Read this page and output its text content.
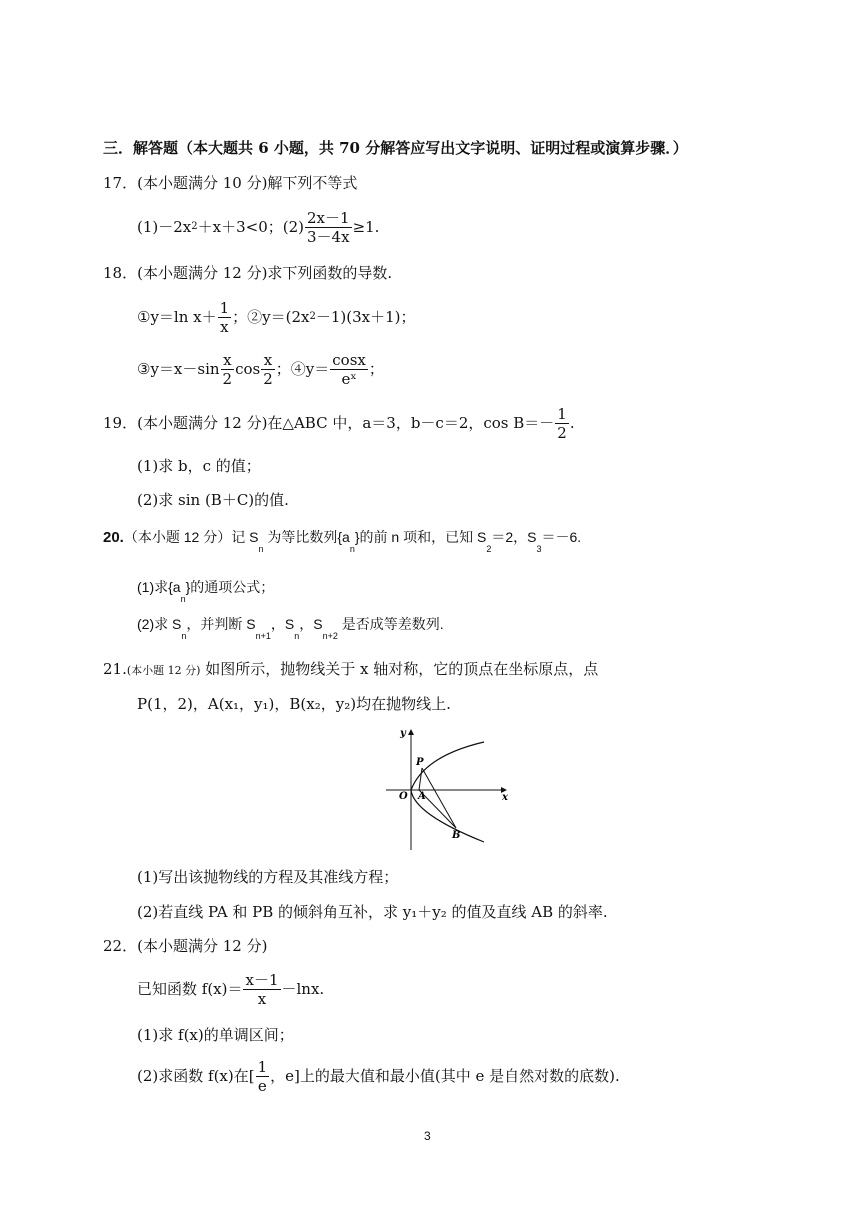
三．解答题（本大题共 6 小题，共 70 分解答应写出文字说明、证明过程或演算步骤．）
17．(本小题满分 10 分)解下列不等式
(1)－2x 2 ＋x＋3<0；$(2) \frac{2x-1}{3-4x} \ge 1$.
18．(本小题满分 12 分)求下列函数的导数.
①y＝ln $x+ \frac{1}{x}$ ；②y＝(2x 2 －1)(3x＋1)；
③y＝x－sin $\frac{x}{2}$ $\cos \frac{x}{2}$ ；④y＝ $\frac{\cos x}{\text{eˣ}}$ ；
19．(本小题满分 12 分)在△ABC 中，a＝3，b－c＝2，$\cos B=- \frac{1}{2}$ .
(1)求 b，c 的值；
(2)求 sin (B＋C)的值.
20.（本小题 12 分）记 $S_n$ 为等比数列$\{a_n\}$的前 n 项和，已知 $S_2=2$，$S_3=-6$.
(1)求$\{a_n\}$的通项公式；
(2)求 $S_n$，并判断 $S_{n+1}$，$S_n$，$S_{n+2}$ 是否成等差数列.
21.(本小题 12 分) 如图所示，抛物线关于 x 轴对称，它的顶点在坐标原点，点
P(1，2)，A(x₁，y₁)，B(x₂，y₂)均在抛物线上.
y
x
O
P
A
B
(1)写出该抛物线的方程及其准线方程；
(2)若直线 PA 和 PB 的倾斜角互补，求 y₁＋y₂ 的值及直线 AB 的斜率.
22．(本小题满分 12 分)
已知函数 $f(x)= \frac{x-1}{x} -\ln x$.
(1)求 f(x)的单调区间；
(2)求函数 f(x)在[ $\frac{1}{e}$ ，e]上的最大值和最小值(其中 e 是自然对数的底数).
3
